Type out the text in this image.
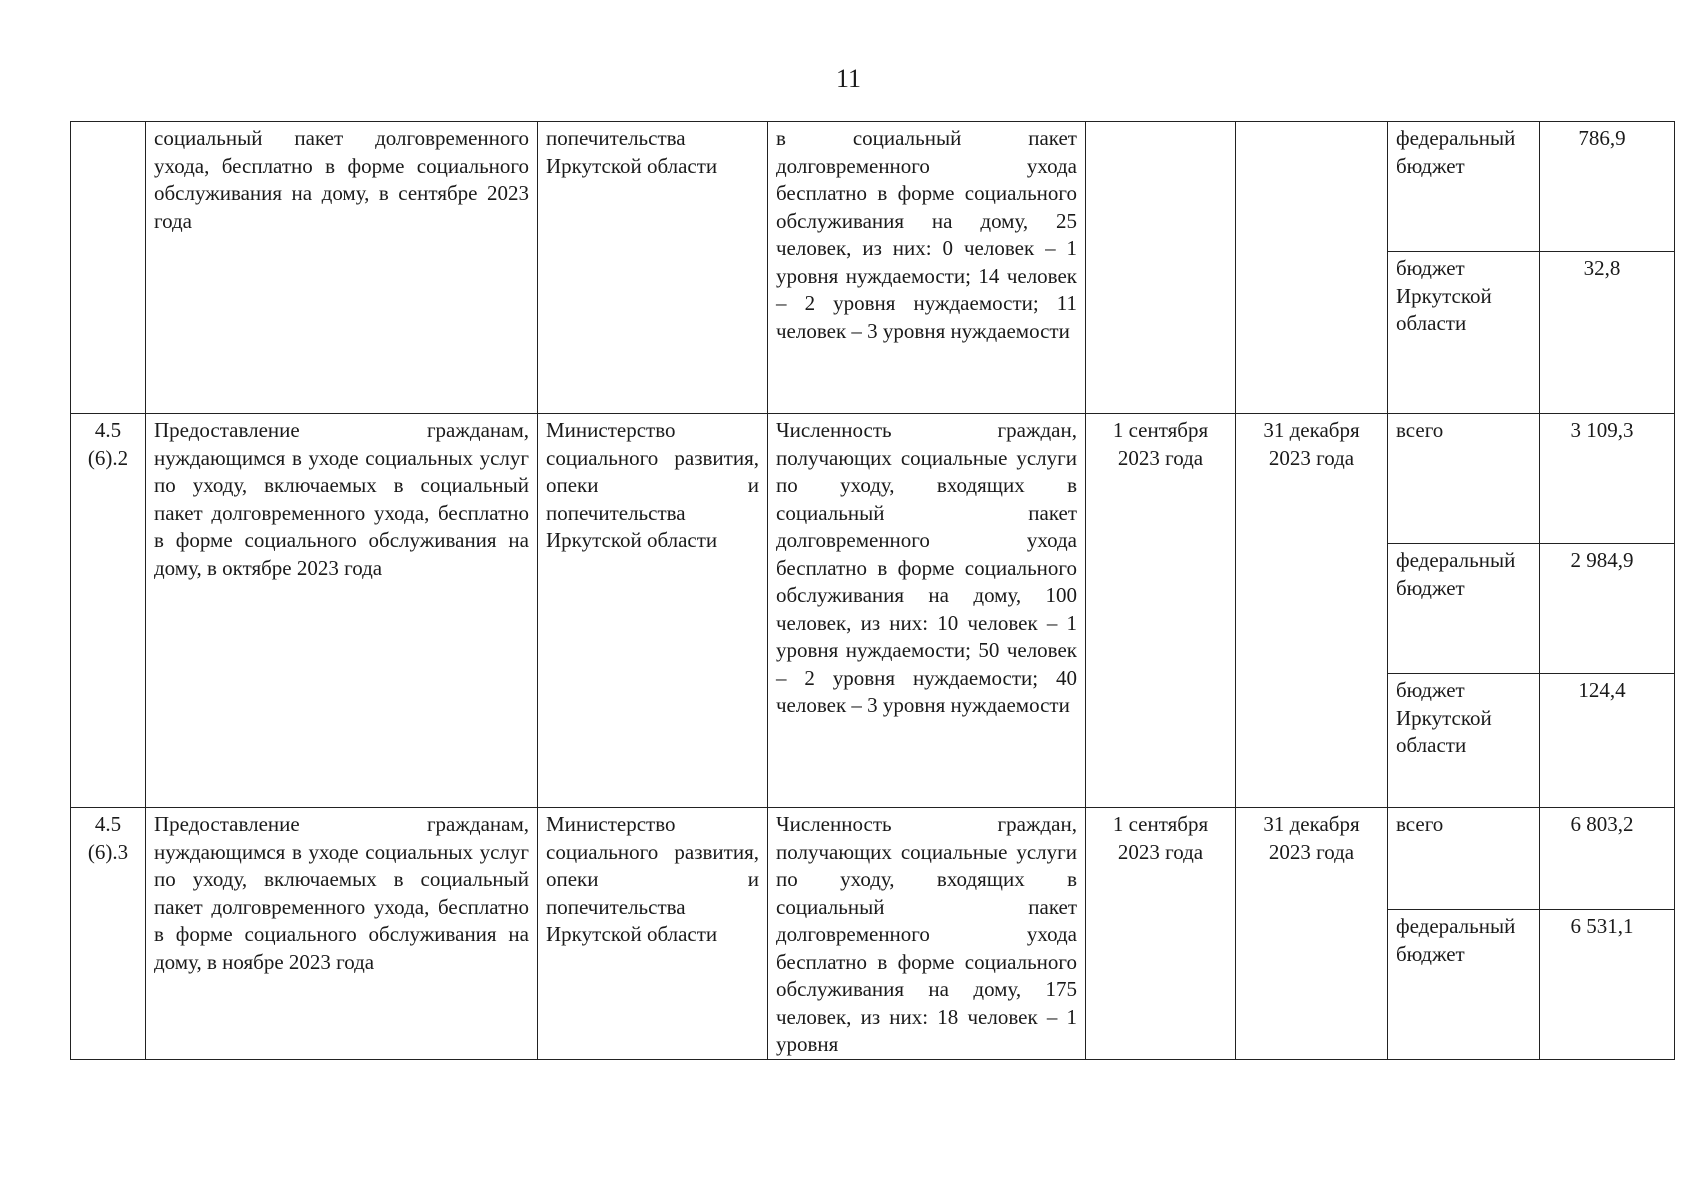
11
	социальный пакет долговременного ухода, бесплатно в форме социального обслуживания на дому, в сентябре 2023 года	попечительства Иркутской области	в социальный пакет долговременного ухода бесплатно в форме социального обслуживания на дому, 25 человек, из них: 0 человек – 1 уровня нуждаемости; 14 человек – 2 уровня нуждаемости; 11 человек – 3 уровня нуждаемости			федеральный бюджет	786,9
						бюджет Иркутской области	32,8
4.5 (6).2	Предоставление гражданам, нуждающимся в уходе социальных услуг по уходу, включаемых в социальный пакет долговременного ухода, бесплатно в форме социального обслуживания на дому, в октябре 2023 года	Министерство социального развития, опеки и попечительства Иркутской области	Численность граждан, получающих социальные услуги по уходу, входящих в социальный пакет долговременного ухода бесплатно в форме социального обслуживания на дому, 100 человек, из них: 10 человек – 1 уровня нуждаемости; 50 человек – 2 уровня нуждаемости; 40 человек – 3 уровня нуждаемости	1 сентября 2023 года	31 декабря 2023 года	всего	3 109,3
						федеральный бюджет	2 984,9
						бюджет Иркутской области	124,4
4.5 (6).3	Предоставление гражданам, нуждающимся в уходе социальных услуг по уходу, включаемых в социальный пакет долговременного ухода, бесплатно в форме социального обслуживания на дому, в ноябре 2023 года	Министерство социального развития, опеки и попечительства Иркутской области	Численность граждан, получающих социальные услуги по уходу, входящих в социальный пакет долговременного ухода бесплатно в форме социального обслуживания на дому, 175 человек, из них: 18 человек – 1 уровня	1 сентября 2023 года	31 декабря 2023 года	всего	6 803,2
						федеральный бюджет	6 531,1
